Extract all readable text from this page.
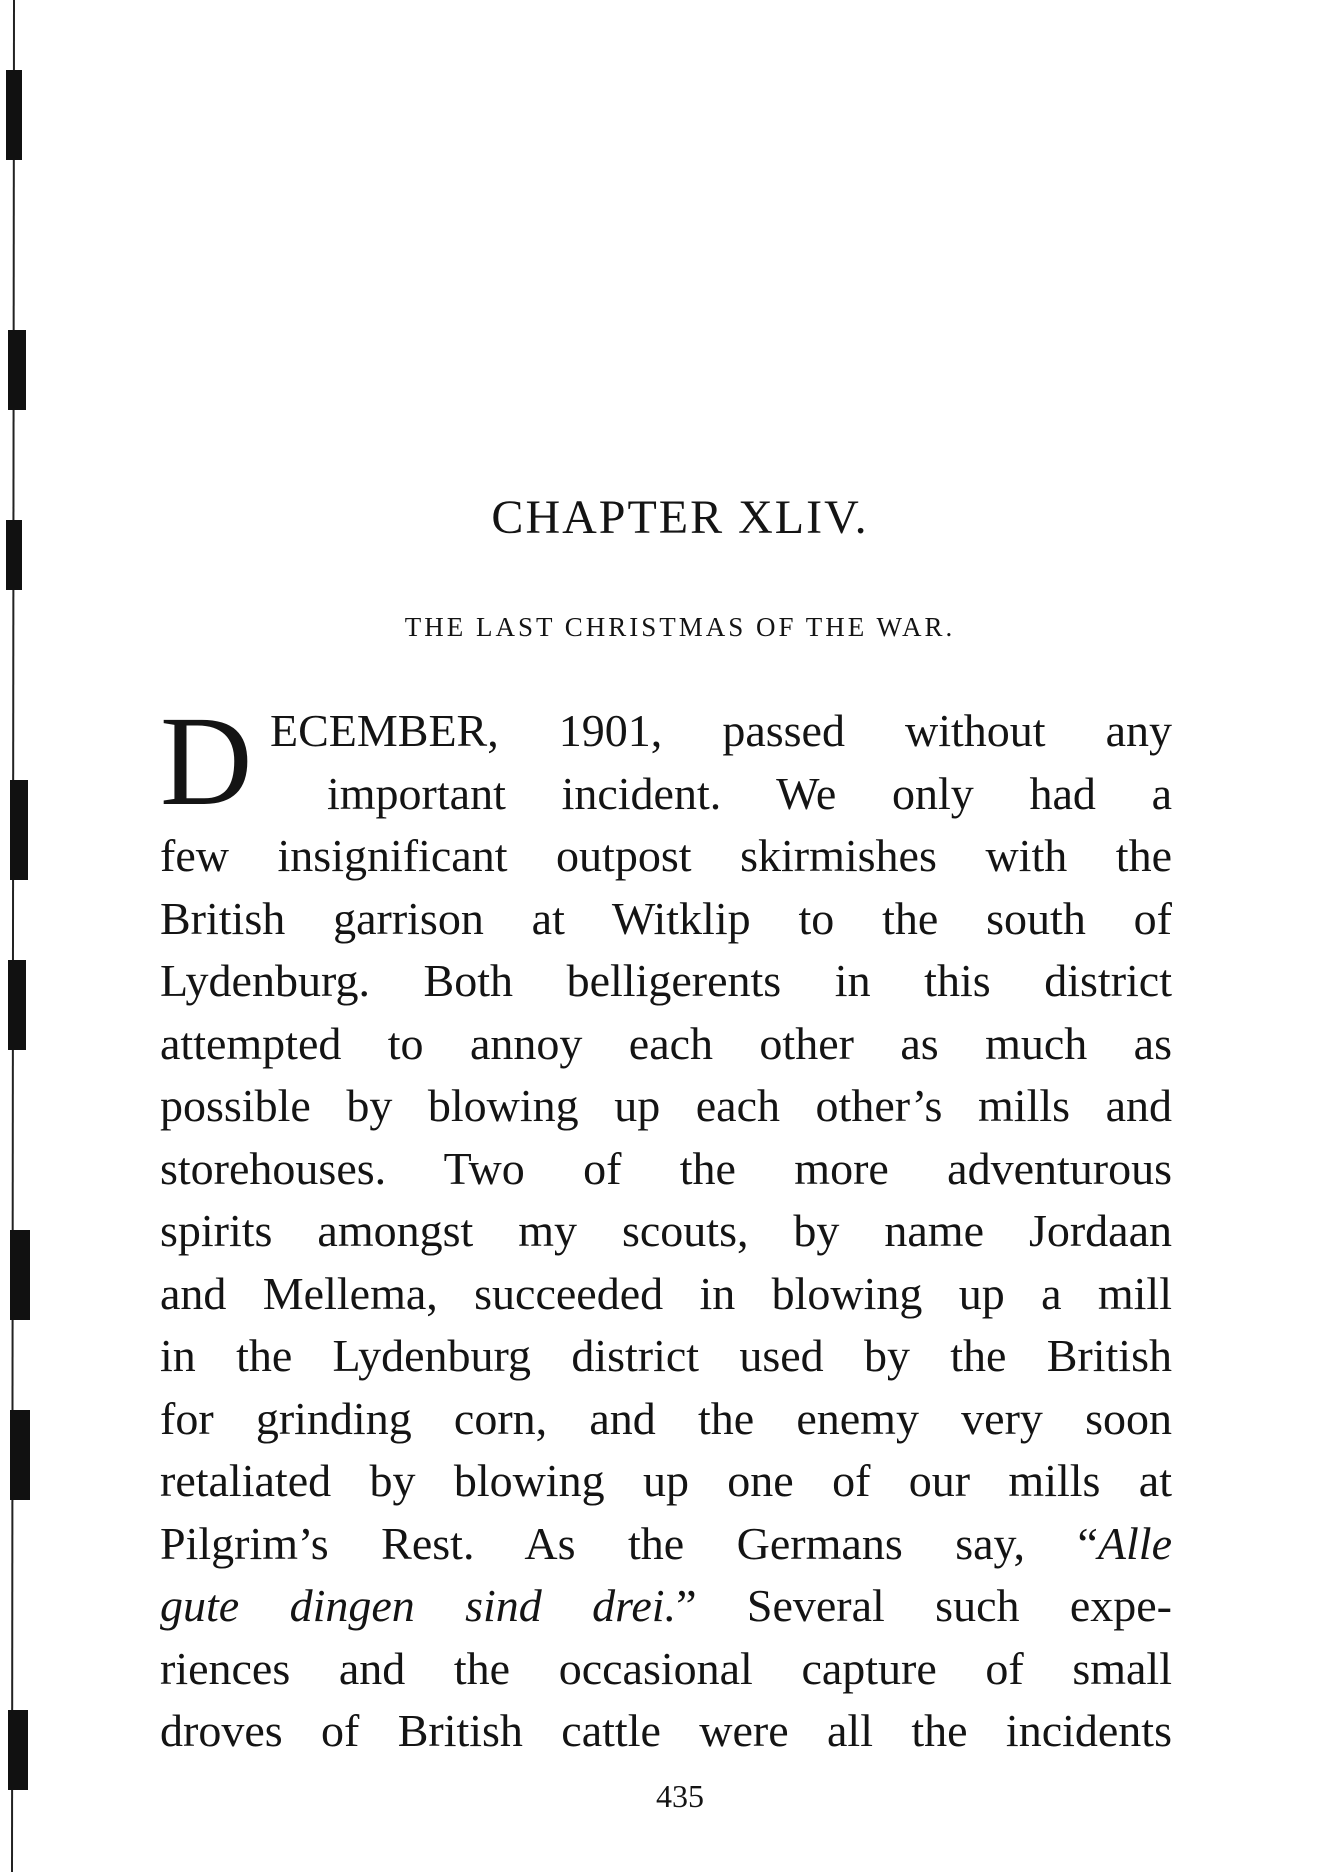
CHAPTER XLIV.
THE LAST CHRISTMAS OF THE WAR.
D ECEMBER, 1901, passed without any
important incident. We only had a
few insignificant outpost skirmishes with the
British garrison at Witklip to the south of
Lydenburg. Both belligerents in this district
attempted to annoy each other as much as
possible by blowing up each other’s mills and
storehouses. Two of the more adventurous
spirits amongst my scouts, by name Jordaan
and Mellema, succeeded in blowing up a mill
in the Lydenburg district used by the British
for grinding corn, and the enemy very soon
retaliated by blowing up one of our mills at
Pilgrim’s Rest. As the Germans say, “Alle
gute dingen sind drei.” Several such expe-
riences and the occasional capture of small
droves of British cattle were all the incidents
435
